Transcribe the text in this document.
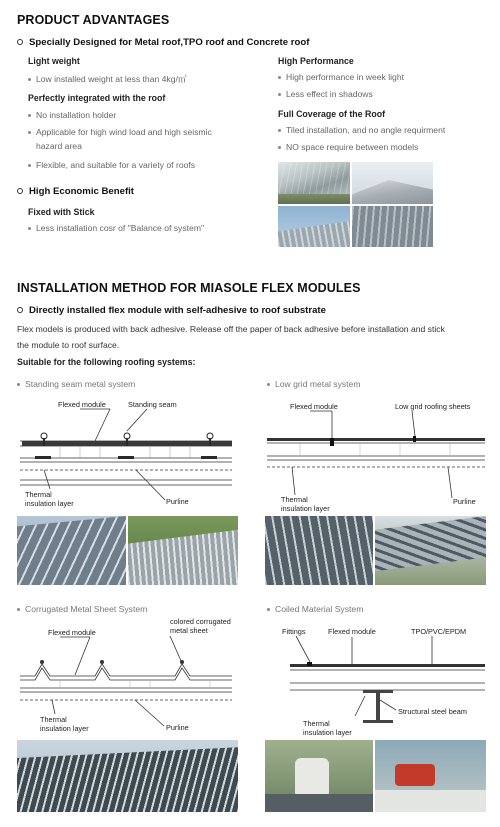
PRODUCT ADVANTAGES
Specially Designed for Metal roof,TPO roof and Concrete roof
Light weight
Low installed weight at less than 4kg/㎡
Perfectly integrated with the roof
No installation holder
Applicable for high wind load and high seismic
hazard area
Flexible, and suitable for a variety of roofs
High Performance
High performance in week light
Less effect in shadows
Full Coverage of the Roof
Tiled installation, and no angle requirment
NO space require between models
High Economic Benefit
Fixed with Stick
Less installation cosr of "Balance of system"
INSTALLATION METHOD FOR MIASOLE FLEX MODULES
Directly installed flex module with self-adhesive to roof substrate
Flex models is produced with back adhesive. Release off the paper of back adhesive before installation and stick
the module to roof surface.
Suitable for the following roofing systems:
Standing seam metal system
Flexed module	Standing seam
Thermal
insulation layer	Purline
Low grid metal system
Flexed module	Low grid roofing sheets
Thermal
insulation layer
Purline
Corrugated Metal Sheet System
Flexed module
colored corrugated
metal sheet
Thermal
insulation layer	Purline
Coiled Material System
Fittings	Flexed module	TPO/PVC/EPDM
Structural steel beam
Thermal
insulation layer
